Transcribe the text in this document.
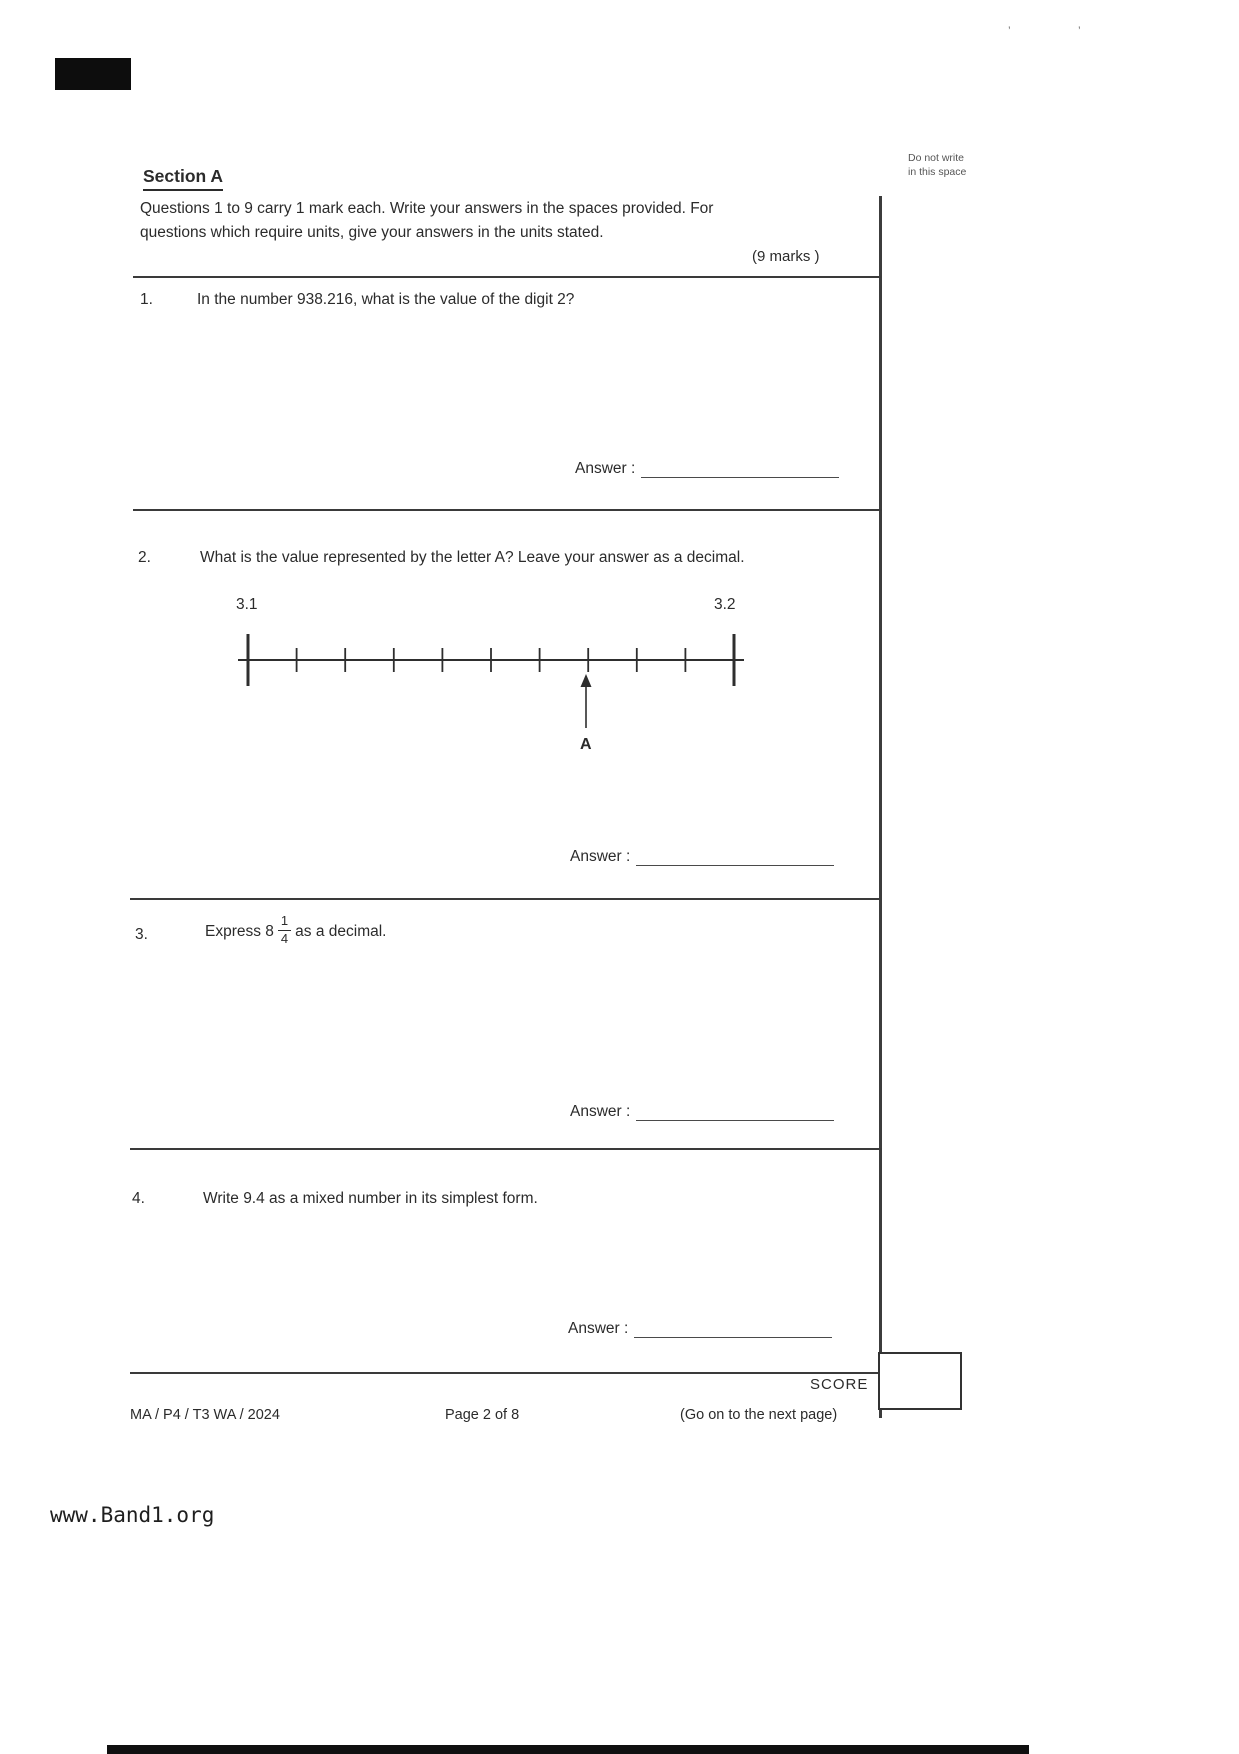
’	’
Do not write
in this space
Section A
Questions 1 to 9 carry 1 mark each. Write your answers in the spaces provided. For
questions which require units, give your answers in the units stated.
(9 marks )
1.	In the number 938.216, what is the value of the digit 2?
Answer :
2.	What is the value represented by the letter A? Leave your answer as a decimal.
3.1	3.2
A
Answer :
3.	Express $8 \frac{1}{4}$ as a decimal.
Answer :
4.	Write 9.4 as a mixed number in its simplest form.
Answer :
SCORE
MA / P4 / T3 WA / 2024	Page 2 of 8	(Go on to the next page)
www.Band1.org
